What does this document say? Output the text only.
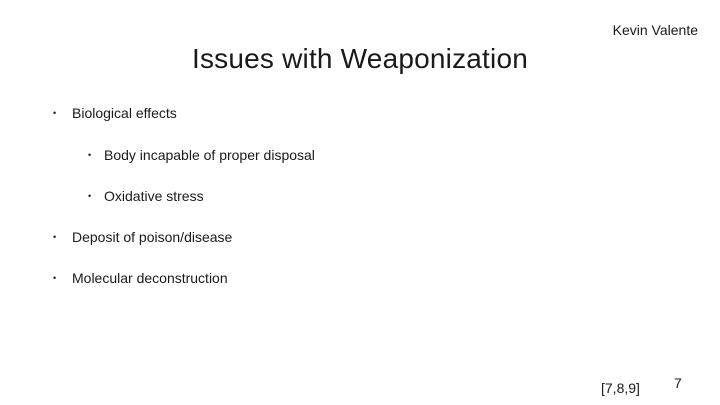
Kevin Valente
Issues with Weaponization
• Biological effects
• Body incapable of proper disposal
• Oxidative stress
• Deposit of poison/disease
• Molecular deconstruction
[7,8,9] 7
